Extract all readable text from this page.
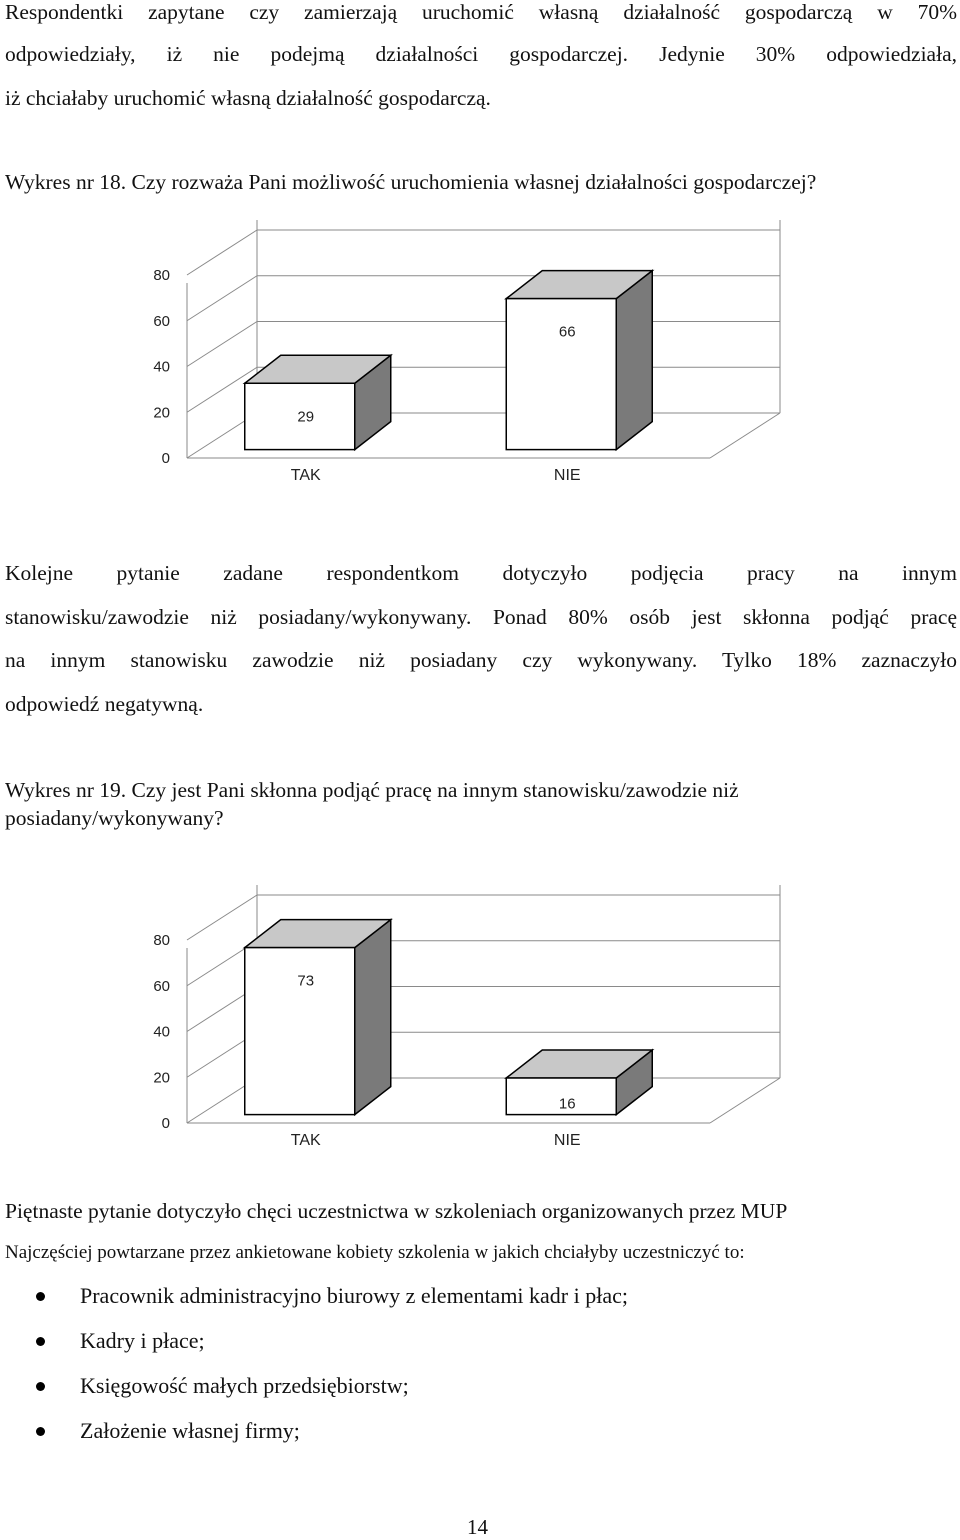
Respondentki zapytane czy zamierzają uruchomić własną działalność gospodarczą w 70%
odpowiedziały, iż nie podejmą działalności gospodarczej. Jedynie 30% odpowiedziała,
iż chciałaby uruchomić własną działalność gospodarczą.
Wykres nr 18. Czy rozważa Pani możliwość uruchomienia własnej działalności gospodarczej?
0
20
40
60
80
29
TAK
66
NIE
Kolejne pytanie zadane respondentkom dotyczyło podjęcia pracy na innym
stanowisku/zawodzie niż posiadany/wykonywany. Ponad 80% osób jest skłonna podjąć pracę
na innym stanowisku zawodzie niż posiadany czy wykonywany. Tylko 18% zaznaczyło
odpowiedź negatywną.
Wykres nr 19. Czy jest Pani skłonna podjąć pracę na innym stanowisku/zawodzie niż
posiadany/wykonywany?
0
20
40
60
80
73
TAK
16
NIE
Piętnaste pytanie dotyczyło chęci uczestnictwa w szkoleniach organizowanych przez MUP
Najczęściej powtarzane przez ankietowane kobiety szkolenia w jakich chciałyby uczestniczyć to:
Pracownik administracyjno biurowy z elementami kadr i płac;
Kadry i płace;
Księgowość małych przedsiębiorstw;
Założenie własnej firmy;
14
